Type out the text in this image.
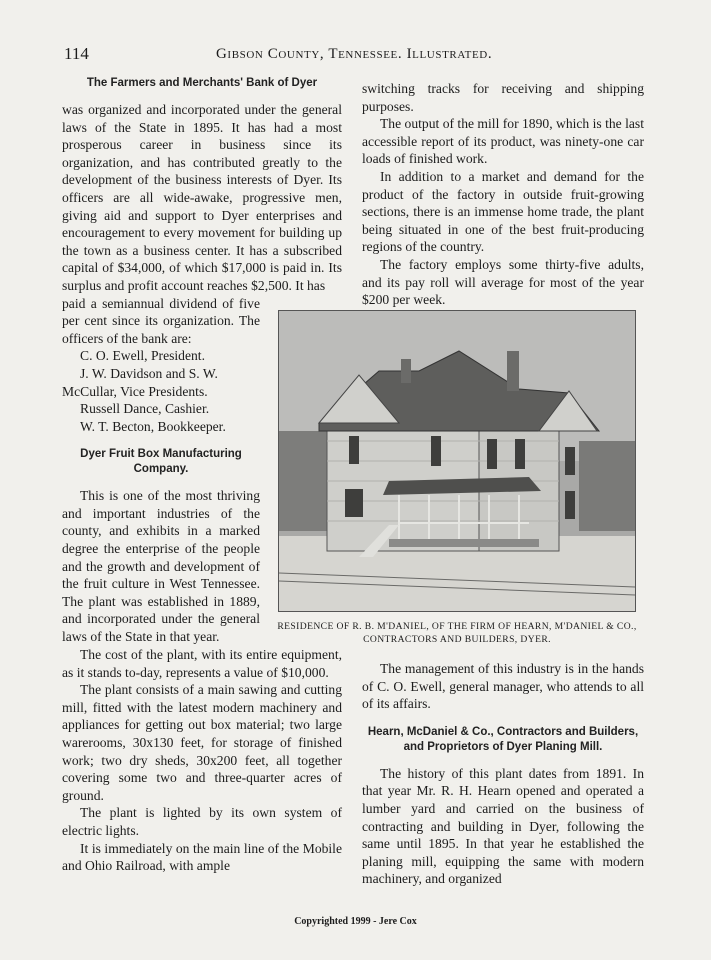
114	Gibson County, Tennessee. Illustrated.
The Farmers and Merchants' Bank of Dyer

was organized and incorporated under the general laws of the State in 1895. It has had a most prosperous career in business since its organization, and has contributed greatly to the development of the business interests of Dyer. Its officers are all wide-awake, progressive men, giving aid and support to Dyer enterprises and encouragement to every movement for building up the town as a business center. It has a subscribed capital of $34,000, of which $17,000 is paid in. Its surplus and profit account reaches $2,500. It has

paid a semiannual dividend of five per cent since its organization. The officers of the bank are:

C. O. Ewell, President.

J. W. Davidson and S. W. McCullar, Vice Presidents.

Russell Dance, Cashier.

W. T. Becton, Bookkeeper.

Dyer Fruit Box Manufacturing Company.

This is one of the most thriving and important industries of the county, and exhibits in a marked degree the enterprise of the people and the growth and development of the fruit culture in West Tennessee. The plant was established in 1889, and incorporated under the general laws of the State in that year.

The cost of the plant, with its entire equipment, as it stands to-day, represents a value of $10,000.

The plant consists of a main sawing and cutting mill, fitted with the latest modern machinery and appliances for getting out box material; two large warerooms, 30x130 feet, for storage of finished work; two dry sheds, 30x200 feet, all together covering some two and three-quarter acres of ground.

The plant is lighted by its own system of electric lights.

It is immediately on the main line of the Mobile and Ohio Railroad, with ample

switching tracks for receiving and shipping purposes.

The output of the mill for 1890, which is the last accessible report of its product, was ninety-one car loads of finished work.

In addition to a market and demand for the product of the factory in outside fruit-growing sections, there is an immense home trade, the plant being situated in one of the best fruit-producing regions of the country.

The factory employs some thirty-five adults, and its pay roll will average for most of the year $200 per week.

RESIDENCE OF R. B. M'DANIEL, OF THE FIRM OF HEARN, M'DANIEL & CO., CONTRACTORS AND BUILDERS, DYER.

The management of this industry is in the hands of C. O. Ewell, general manager, who attends to all of its affairs.

Hearn, McDaniel & Co., Contractors and Builders, and Proprietors of Dyer Planing Mill.

The history of this plant dates from 1891. In that year Mr. R. H. Hearn opened and operated a lumber yard and carried on the business of contracting and building in Dyer, following the same until 1895. In that year he established the planing mill, equipping the same with modern machinery, and organized

Copyrighted 1999 - Jere Cox
